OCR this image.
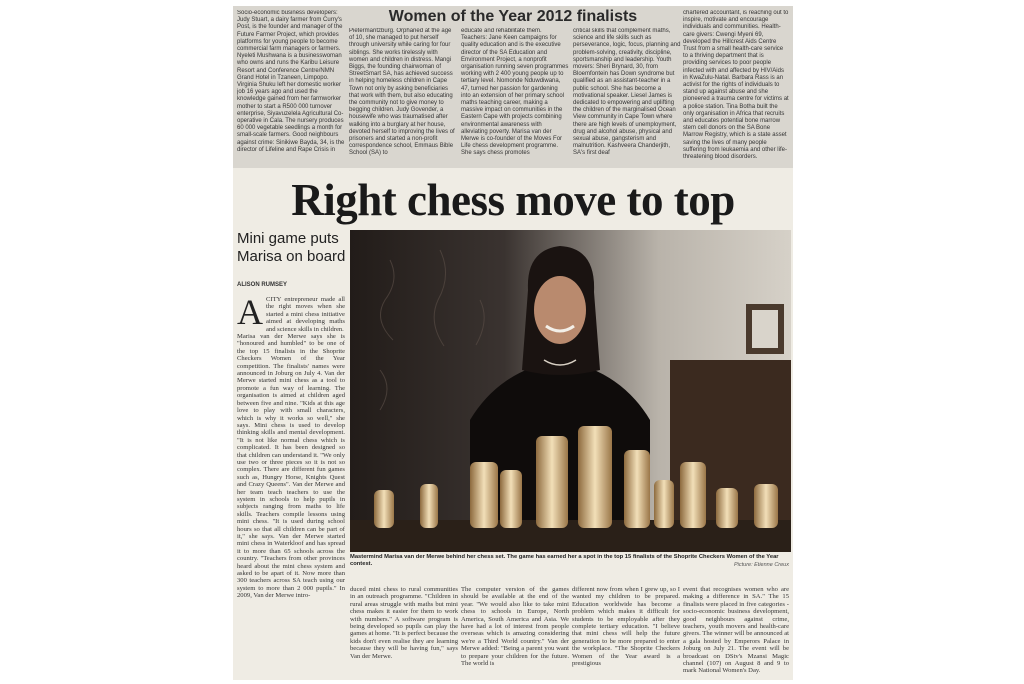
Women of the Year 2012 finalists

Socio-economic business developers: Judy Stuart, a dairy farmer from Curry's Post, is the founder and manager of the Future Farmer Project, which provides platforms for young people to become commercial farm managers or farmers. Nyeleti Mushwana is a businesswoman who owns and runs the Karibu Leisure Resort and Conference Centre/NMN Grand Hotel in Tzaneen, Limpopo. Virginia Shuku left her domestic worker job 16 years ago and used the knowledge gained from her farmworker mother to start a R500 000 turnover enterprise, Siyavuzelela Agricultural Co-operative in Cala. The nursery produces 60 000 vegetable seedlings a month for small-scale farmers. Good neighbours against crime: Sinikiwe Bayda, 34, is the director of Lifeline and Rape Crisis in

Pietermaritzburg. Orphaned at the age of 10, she managed to put herself through university while caring for four siblings. She works tirelessly with women and children in distress. Mangi Biggs, the founding chairwoman of StreetSmart SA, has achieved success in helping homeless children in Cape Town not only by asking beneficiaries that work with them, but also educating the community not to give money to begging children. Judy Govender, a housewife who was traumatised after walking into a burglary at her house, devoted herself to improving the lives of prisoners and started a non-profit correspondence school, Emmaus Bible School (SA) to

educate and rehabilitate them. Teachers: Jane Keen campaigns for quality education and is the executive director of the SA Education and Environment Project, a nonprofit organisation running seven programmes working with 2 400 young people up to tertiary level. Nomonde Nduwdiwana, 47, turned her passion for gardening into an extension of her primary school maths teaching career, making a massive impact on communities in the Eastern Cape with projects combining environmental awareness with alleviating poverty. Marisa van der Merwe is co-founder of the Moves For Life chess development programme. She says chess promotes

critical skills that complement maths, science and life skills such as perseverance, logic, focus, planning and problem-solving, creativity, discipline, sportsmanship and leadership. Youth movers: Sheri Brynard, 30, from Bloemfontein has Down syndrome but qualified as an assistant-teacher in a public school. She has become a motivational speaker. Liesel James is dedicated to empowering and uplifting the children of the marginalised Ocean View community in Cape Town where there are high levels of unemployment, drug and alcohol abuse, physical and sexual abuse, gangsterism and malnutrition. Kashveera Chanderjith, SA's first deaf

chartered accountant, is reaching out to inspire, motivate and encourage individuals and communities. Health-care givers: Cwengi Myeni 69, developed the Hillcrest Aids Centre Trust from a small health-care service to a thriving department that is providing services to poor people infected with and affected by HIV/Aids in KwaZulu-Natal. Barbara Rass is an activist for the rights of individuals to stand up against abuse and she pioneered a trauma centre for victims at a police station. Tina Botha built the only organisation in Africa that recruits and educates potential bone marrow stem cell donors on the SA Bone Marrow Registry, which is a state asset saving the lives of many people suffering from leukaemia and other life-threatening blood disorders.

Right chess move to top
Mini game puts Marisa on board
ALISON RUMSEY
A CITY entrepreneur made all the right moves when she started a mini chess initiative aimed at developing maths and science skills in children.

Marisa van der Merwe says she is "honoured and humbled" to be one of the top 15 finalists in the Shoprite Checkers Women of the Year competition. The finalists' names were announced in Joburg on July 4. Van der Merwe started mini chess as a tool to promote a fun way of learning. The organisation is aimed at children aged between five and nine. "Kids at this age love to play with small characters, which is why it works so well," she says. Mini chess is used to develop thinking skills and mental development. "It is not like normal chess which is complicated. It has been designed so that children can understand it. "We only use two or three pieces so it is not so complex. There are different fun games such as, Hungry Horse, Knights Quest and Crazy Queens". Van der Merwe and her team teach teachers to use the system in schools to help pupils in subjects ranging from maths to life skills. Teachers compile lessons using mini chess. "It is used during school hours so that all children can be part of it," she says. Van der Merwe started mini chess in Waterkloof and has spread it to more than 65 schools across the country. "Teachers from other provinces heard about the mini chess system and asked to be apart of it. Now more than 300 teachers across SA teach using our system to more than 2 000 pupils." In 2009, Van der Merwe intro-

Mastermind Marisa van der Merwe behind her chess set. The game has earned her a spot in the top 15 finalists of the Shoprite Checkers Women of the Year contest.	Picture: Etienne Creux

duced mini chess to rural communities in an outreach programme. "Children in rural areas struggle with maths but mini chess makes it easier for them to work with numbers." A software program is being developed so pupils can play the games at home. "It is perfect because the kids don't even realise they are learning because they will be having fun," says Van der Merwe.

The computer version of the games should be available at the end of the year. "We would also like to take mini chess to schools in Europe, North America, South America and Asia. We have had a lot of interest from people overseas which is amazing considering we're a Third World country." Van der Merwe added: "Being a parent you want to prepare your children for the future. The world is

different now from when I grew up, so I wanted my children to be prepared. Education worldwide has become a problem which makes it difficult for students to be employable after they complete tertiary education. "I believe that mini chess will help the future generation to be more prepared to enter the workplace. "The Shoprite Checkers Women of the Year award is a prestigious

event that recognises women who are making a difference in SA." The 15 finalists were placed in five categories - socio-economic business development, good neighbours against crime, teachers, youth movers and health-care givers. The winner will be announced at a gala hosted by Emperors Palace in Joburg on July 21. The event will be broadcast on DStv's Mzansi Magic channel (107) on August 8 and 9 to mark National Women's Day.
